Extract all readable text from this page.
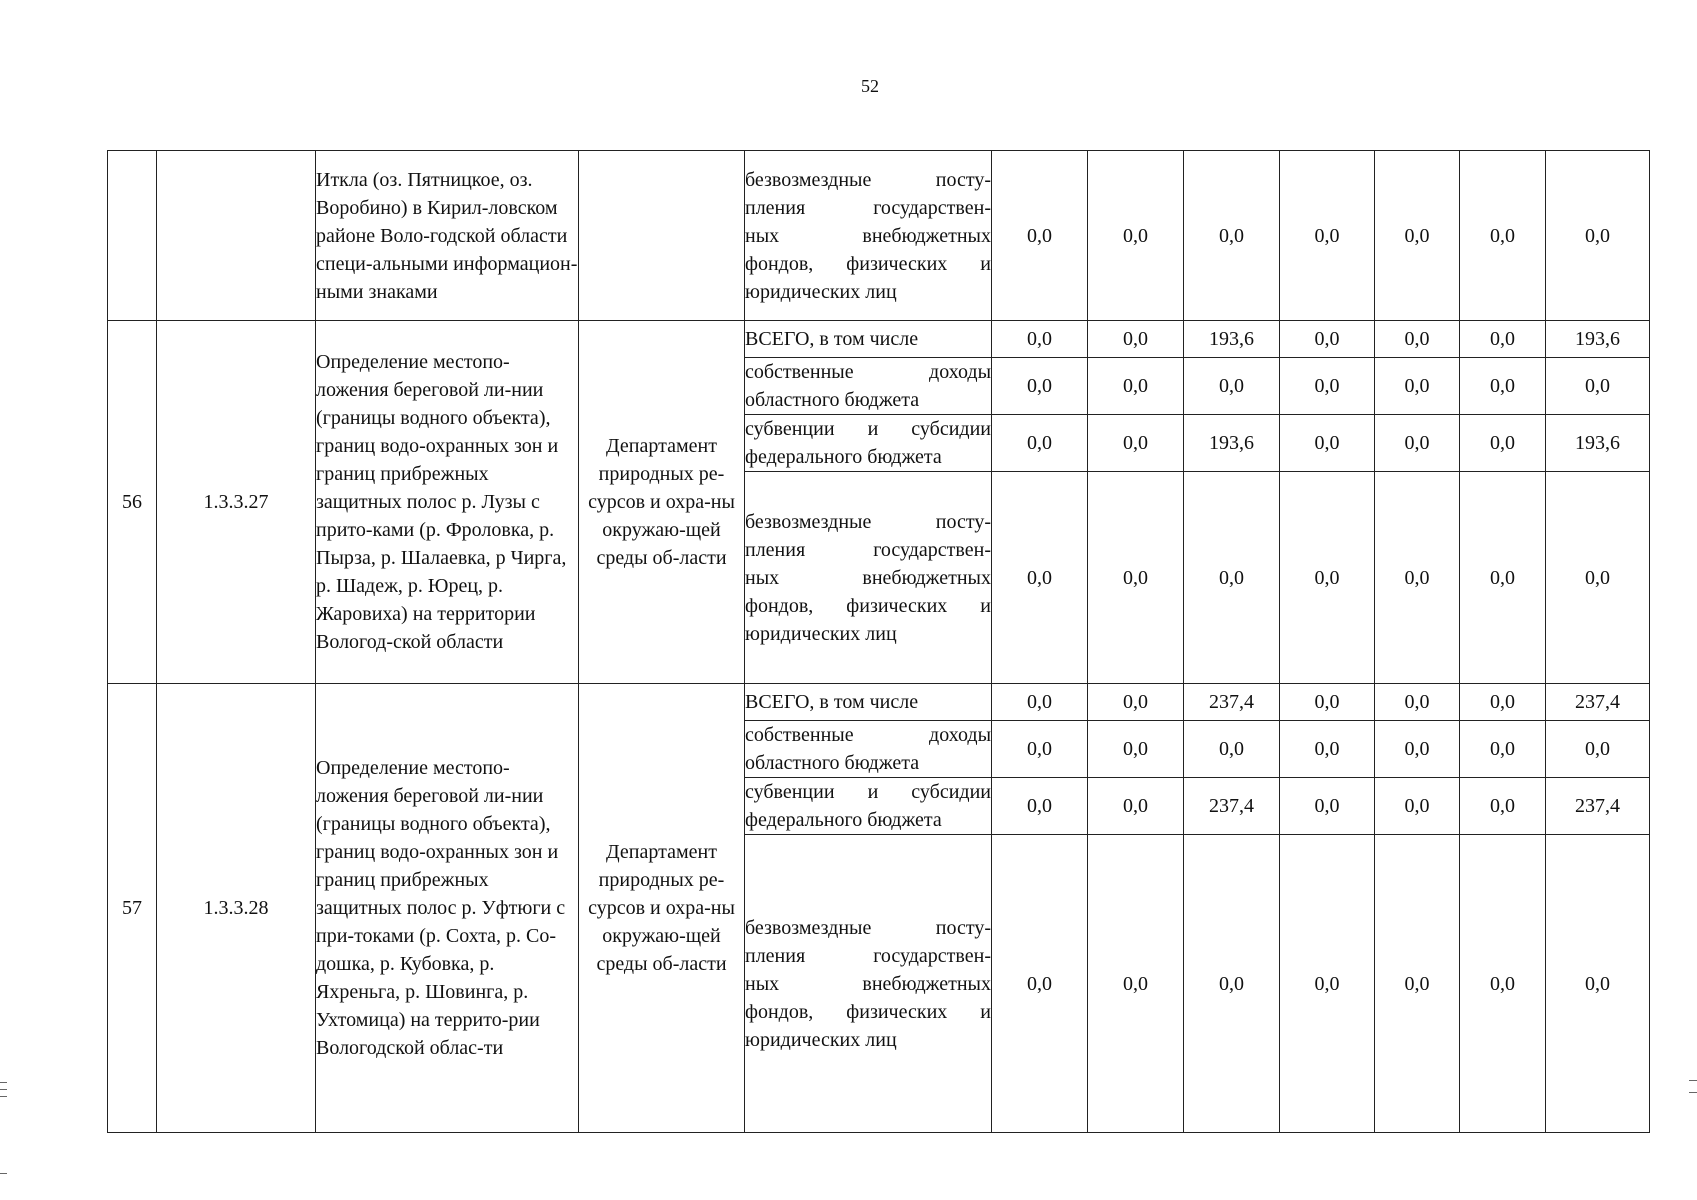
52
		Иткла (оз. Пятницкое, оз. Воробино) в Кирил-ловском районе Воло-годской области специ-альными информацион-ными знаками		безвозмездные посту-
пления государствен-
ных внебюджетных
фондов, физических и
юридических лиц	0,0	0,0	0,0	0,0	0,0	0,0	0,0
56	1.3.3.27	Определение местопо-ложения береговой ли-нии (границы водного объекта), границ водо-охранных зон и границ прибрежных защитных полос р. Лузы с прито-ками (р. Фроловка, р. Пырза, р. Шалаевка, р Чирга, р. Шадеж, р. Юрец, р. Жаровиха) на территории Вологод-ской области	Департамент природных ре-сурсов и охра-ны окружаю-щей среды об-ласти	ВСЕГО, в том числе	0,0	0,0	193,6	0,0	0,0	0,0	193,6

				собственные доходы
областного бюджета	0,0	0,0	0,0	0,0	0,0	0,0	0,0

				субвенции и субсидии
федерального бюджета	0,0	0,0	193,6	0,0	0,0	0,0	193,6

				безвозмездные посту-
пления государствен-
ных внебюджетных
фондов, физических и
юридических лиц	0,0	0,0	0,0	0,0	0,0	0,0	0,0
57	1.3.3.28	Определение местопо-ложения береговой ли-нии (границы водного объекта), границ водо-охранных зон и границ прибрежных защитных полос р. Уфтюги с при-токами (р. Сохта, р. Со-дошка, р. Кубовка, р. Яхреньга, р. Шовинга, р. Ухтомица) на террито-рии Вологодской облас-ти	Департамент природных ре-сурсов и охра-ны окружаю-щей среды об-ласти	ВСЕГО, в том числе	0,0	0,0	237,4	0,0	0,0	0,0	237,4

				собственные доходы
областного бюджета	0,0	0,0	0,0	0,0	0,0	0,0	0,0

				субвенции и субсидии
федерального бюджета	0,0	0,0	237,4	0,0	0,0	0,0	237,4

				безвозмездные посту-
пления государствен-
ных внебюджетных
фондов, физических и
юридических лиц	0,0	0,0	0,0	0,0	0,0	0,0	0,0
